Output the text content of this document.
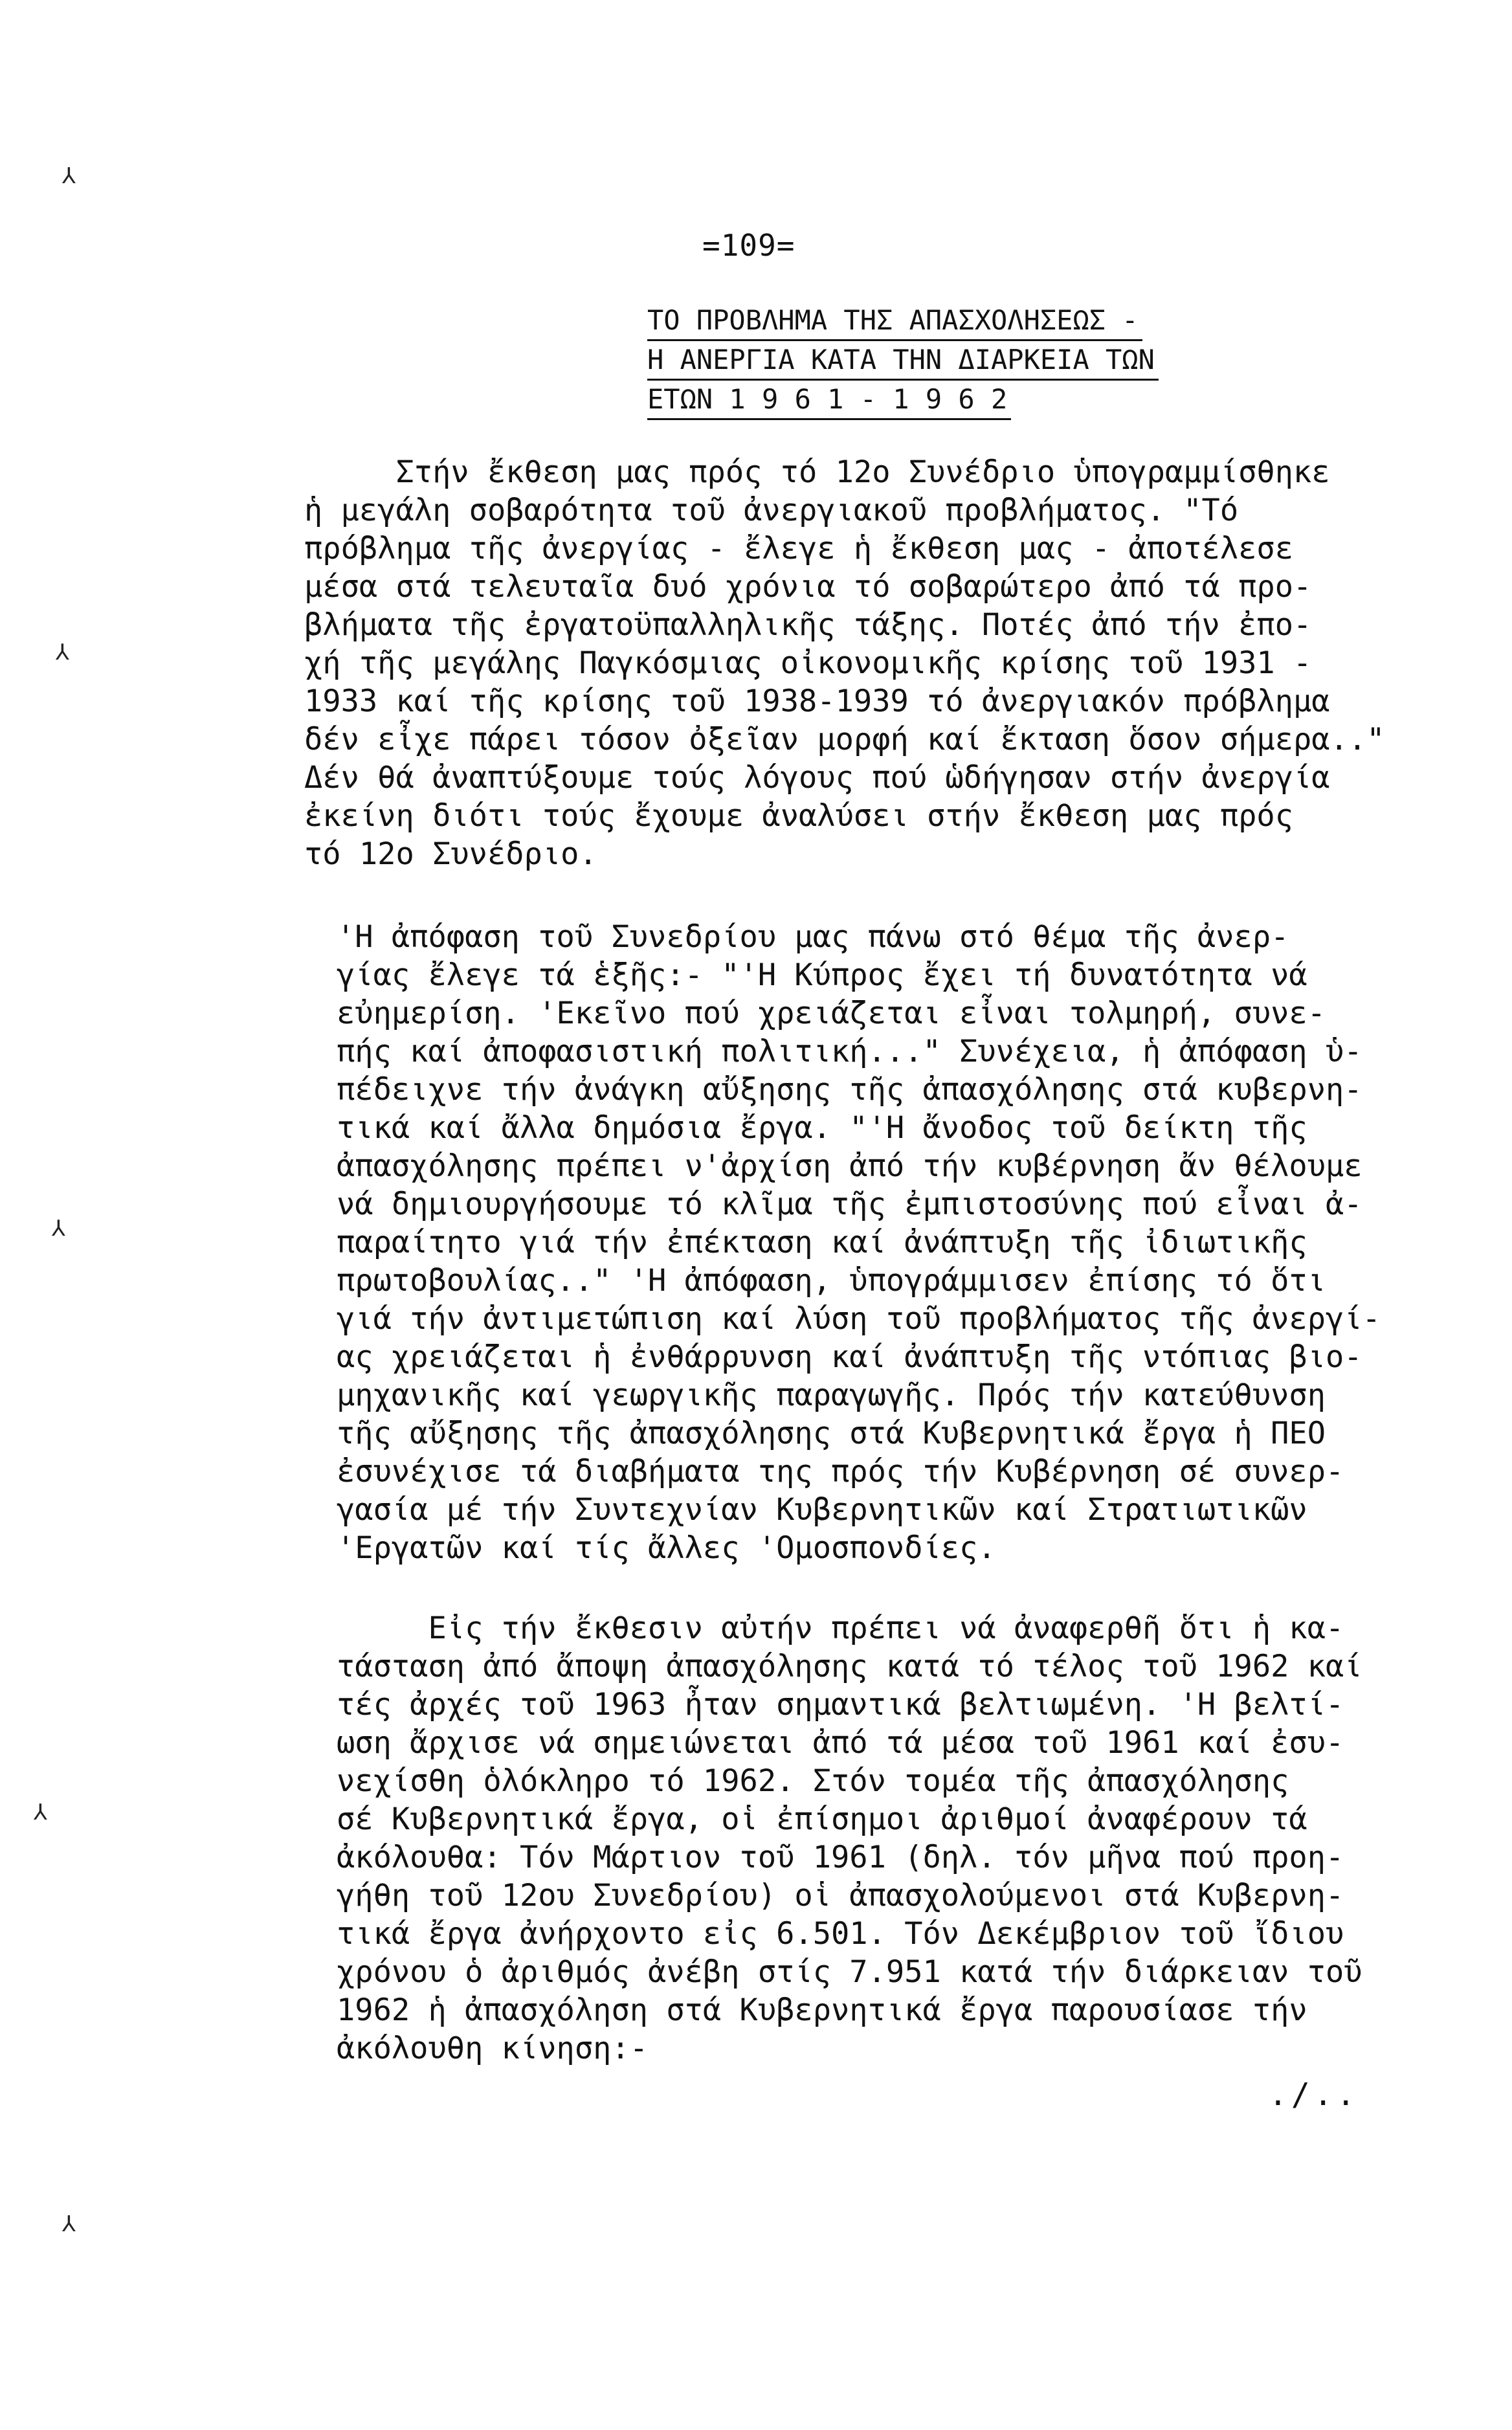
=109=
ΤΟ ΠΡΟΒΛΗΜΑ ΤΗΣ ΑΠΑΣΧΟΛΗΣΕΩΣ -
Η ΑΝΕΡΓΙΑ ΚΑΤΑ ΤΗΝ ΔΙΑΡΚΕΙΑ ΤΩΝ
ΕΤΩΝ 1 9 6 1 - 1 9 6 2
Στήν ἔκθεση μας πρός τό 12ο Συνέδριο ὑπογραμμίσθηκε
ἡ μεγάλη σοβαρότητα τοῦ ἀνεργιακοῦ προβλήματος. "Τό
πρόβλημα τῆς ἀνεργίας - ἔλεγε ἡ ἔκθεση μας - ἀποτέλεσε
μέσα στά τελευταῖα δυό χρόνια τό σοβαρώτερο ἀπό τά προ-
βλήματα τῆς ἐργατοϋπαλληλικῆς τάξης. Ποτές ἀπό τήν ἐπο-
χή τῆς μεγάλης Παγκόσμιας οἰκονομικῆς κρίσης τοῦ 1931 -
1933 καί τῆς κρίσης τοῦ 1938-1939 τό ἀνεργιακόν πρόβλημα
δέν εἶχε πάρει τόσον ὀξεῖαν μορφή καί ἔκταση ὅσον σήμερα.."
Δέν θά ἀναπτύξουμε τούς λόγους πού ὡδήγησαν στήν ἀνεργία
ἐκείνη διότι τούς ἔχουμε ἀναλύσει στήν ἔκθεση μας πρός
τό 12ο Συνέδριο.
'Η ἀπόφαση τοῦ Συνεδρίου μας πάνω στό θέμα τῆς ἀνερ-
γίας ἔλεγε τά ἑξῆς:- "'Η Κύπρος ἔχει τή δυνατότητα νά
εὐημερίση. 'Εκεῖνο πού χρειάζεται εἶναι τολμηρή, συνε-
πής καί ἀποφασιστική πολιτική..." Συνέχεια, ἡ ἀπόφαση ὑ-
πέδειχνε τήν ἀνάγκη αὔξησης τῆς ἀπασχόλησης στά κυβερνη-
τικά καί ἄλλα δημόσια ἔργα. "'Η ἄνοδος τοῦ δείκτη τῆς
ἀπασχόλησης πρέπει ν'ἀρχίση ἀπό τήν κυβέρνηση ἄν θέλουμε
νά δημιουργήσουμε τό κλῖμα τῆς ἐμπιστοσύνης πού εἶναι ἀ-
παραίτητο γιά τήν ἐπέκταση καί ἀνάπτυξη τῆς ἰδιωτικῆς
πρωτοβουλίας.." 'Η ἀπόφαση, ὑπογράμμισεν ἐπίσης τό ὅτι
γιά τήν ἀντιμετώπιση καί λύση τοῦ προβλήματος τῆς ἀνεργί-
ας χρειάζεται ἡ ἐνθάρρυνση καί ἀνάπτυξη τῆς ντόπιας βιο-
μηχανικῆς καί γεωργικῆς παραγωγῆς. Πρός τήν κατεύθυνση
τῆς αὔξησης τῆς ἀπασχόλησης στά Κυβερνητικά ἔργα ἡ ΠΕΟ
ἐσυνέχισε τά διαβήματα της πρός τήν Κυβέρνηση σέ συνερ-
γασία μέ τήν Συντεχνίαν Κυβερνητικῶν καί Στρατιωτικῶν
'Εργατῶν καί τίς ἄλλες 'Ομοσπονδίες.
Εἰς τήν ἔκθεσιν αὐτήν πρέπει νά ἀναφερθῆ ὅτι ἡ κα-
τάσταση ἀπό ἄποψη ἀπασχόλησης κατά τό τέλος τοῦ 1962 καί
τές ἀρχές τοῦ 1963 ἦταν σημαντικά βελτιωμένη. 'Η βελτί-
ωση ἄρχισε νά σημειώνεται ἀπό τά μέσα τοῦ 1961 καί ἐσυ-
νεχίσθη ὁλόκληρο τό 1962. Στόν τομέα τῆς ἀπασχόλησης
σέ Κυβερνητικά ἔργα, οἱ ἐπίσημοι ἀριθμοί ἀναφέρουν τά
ἀκόλουθα: Τόν Μάρτιον τοῦ 1961 (δηλ. τόν μῆνα πού προη-
γήθη τοῦ 12ου Συνεδρίου) οἱ ἀπασχολούμενοι στά Κυβερνη-
τικά ἔργα ἀνήρχοντο εἰς 6.501. Τόν Δεκέμβριον τοῦ ἴδιου
χρόνου ὁ ἀριθμός ἀνέβη στίς 7.951 κατά τήν διάρκειαν τοῦ
1962 ἡ ἀπασχόληση στά Κυβερνητικά ἔργα παρουσίασε τήν
ἀκόλουθη κίνηση:-
./..
⅄
⅄
⅄
⅄
⅄
